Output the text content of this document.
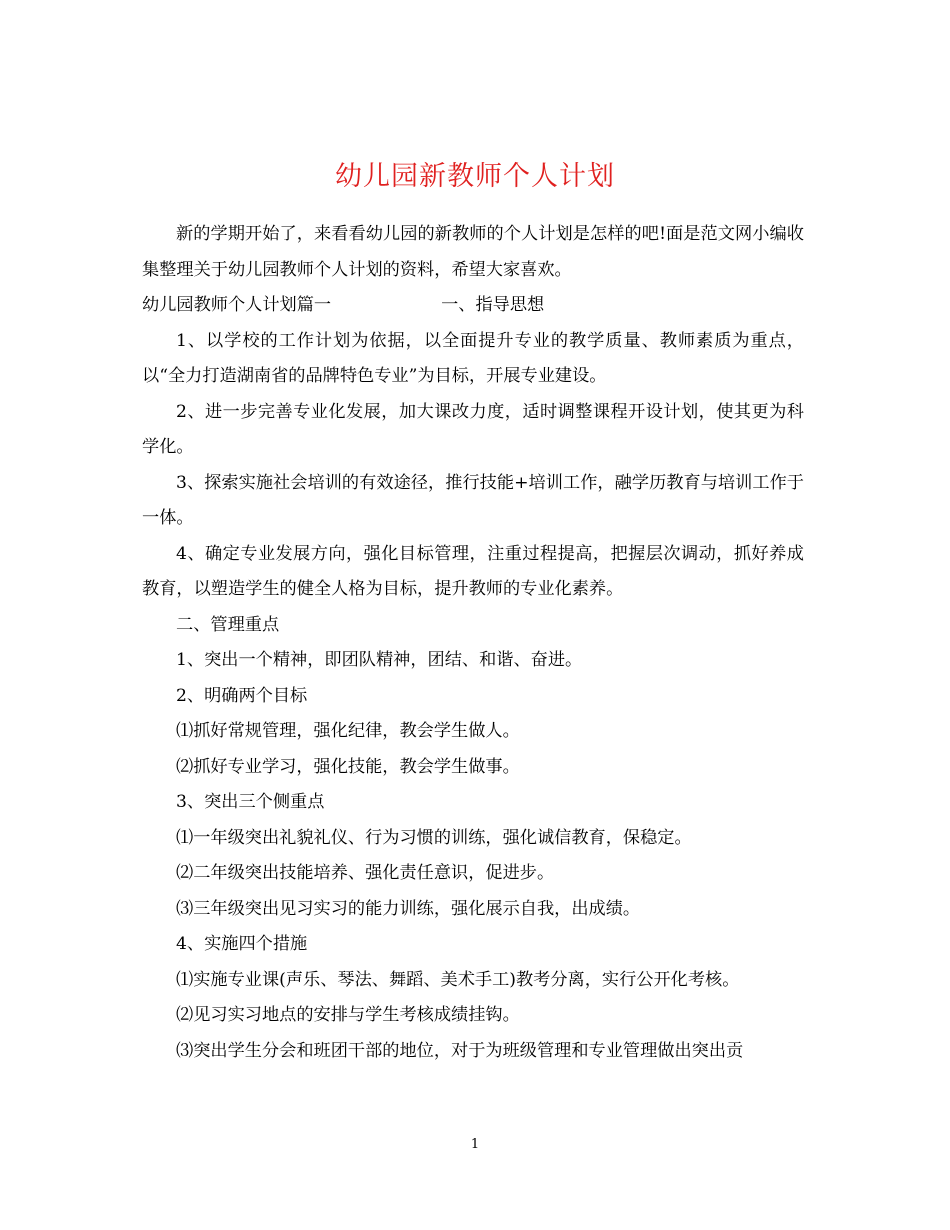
幼儿园新教师个人计划

新的学期开始了，来看看幼儿园的新教师的个人计划是怎样的吧!面是范文网小编收集整理关于幼儿园教师个人计划的资料，希望大家喜欢。

幼儿园教师个人计划篇一	一、指导思想

1、以学校的工作计划为依据，以全面提升专业的教学质量、教师素质为重点，以“全力打造湖南省的品牌特色专业”为目标，开展专业建设。

2、进一步完善专业化发展，加大课改力度，适时调整课程开设计划，使其更为科学化。

3、探索实施社会培训的有效途径，推行技能+培训工作，融学历教育与培训工作于一体。

4、确定专业发展方向，强化目标管理，注重过程提高，把握层次调动，抓好养成教育，以塑造学生的健全人格为目标，提升教师的专业化素养。

二、管理重点

1、突出一个精神，即团队精神，团结、和谐、奋进。

2、明确两个目标

⑴抓好常规管理，强化纪律，教会学生做人。

⑵抓好专业学习，强化技能，教会学生做事。

3、突出三个侧重点

⑴一年级突出礼貌礼仪、行为习惯的训练，强化诚信教育，保稳定。

⑵二年级突出技能培养、强化责任意识，促进步。

⑶三年级突出见习实习的能力训练，强化展示自我，出成绩。

4、实施四个措施

⑴实施专业课(声乐、琴法、舞蹈、美术手工)教考分离，实行公开化考核。

⑵见习实习地点的安排与学生考核成绩挂钩。

⑶突出学生分会和班团干部的地位，对于为班级管理和专业管理做出突出贡

1
